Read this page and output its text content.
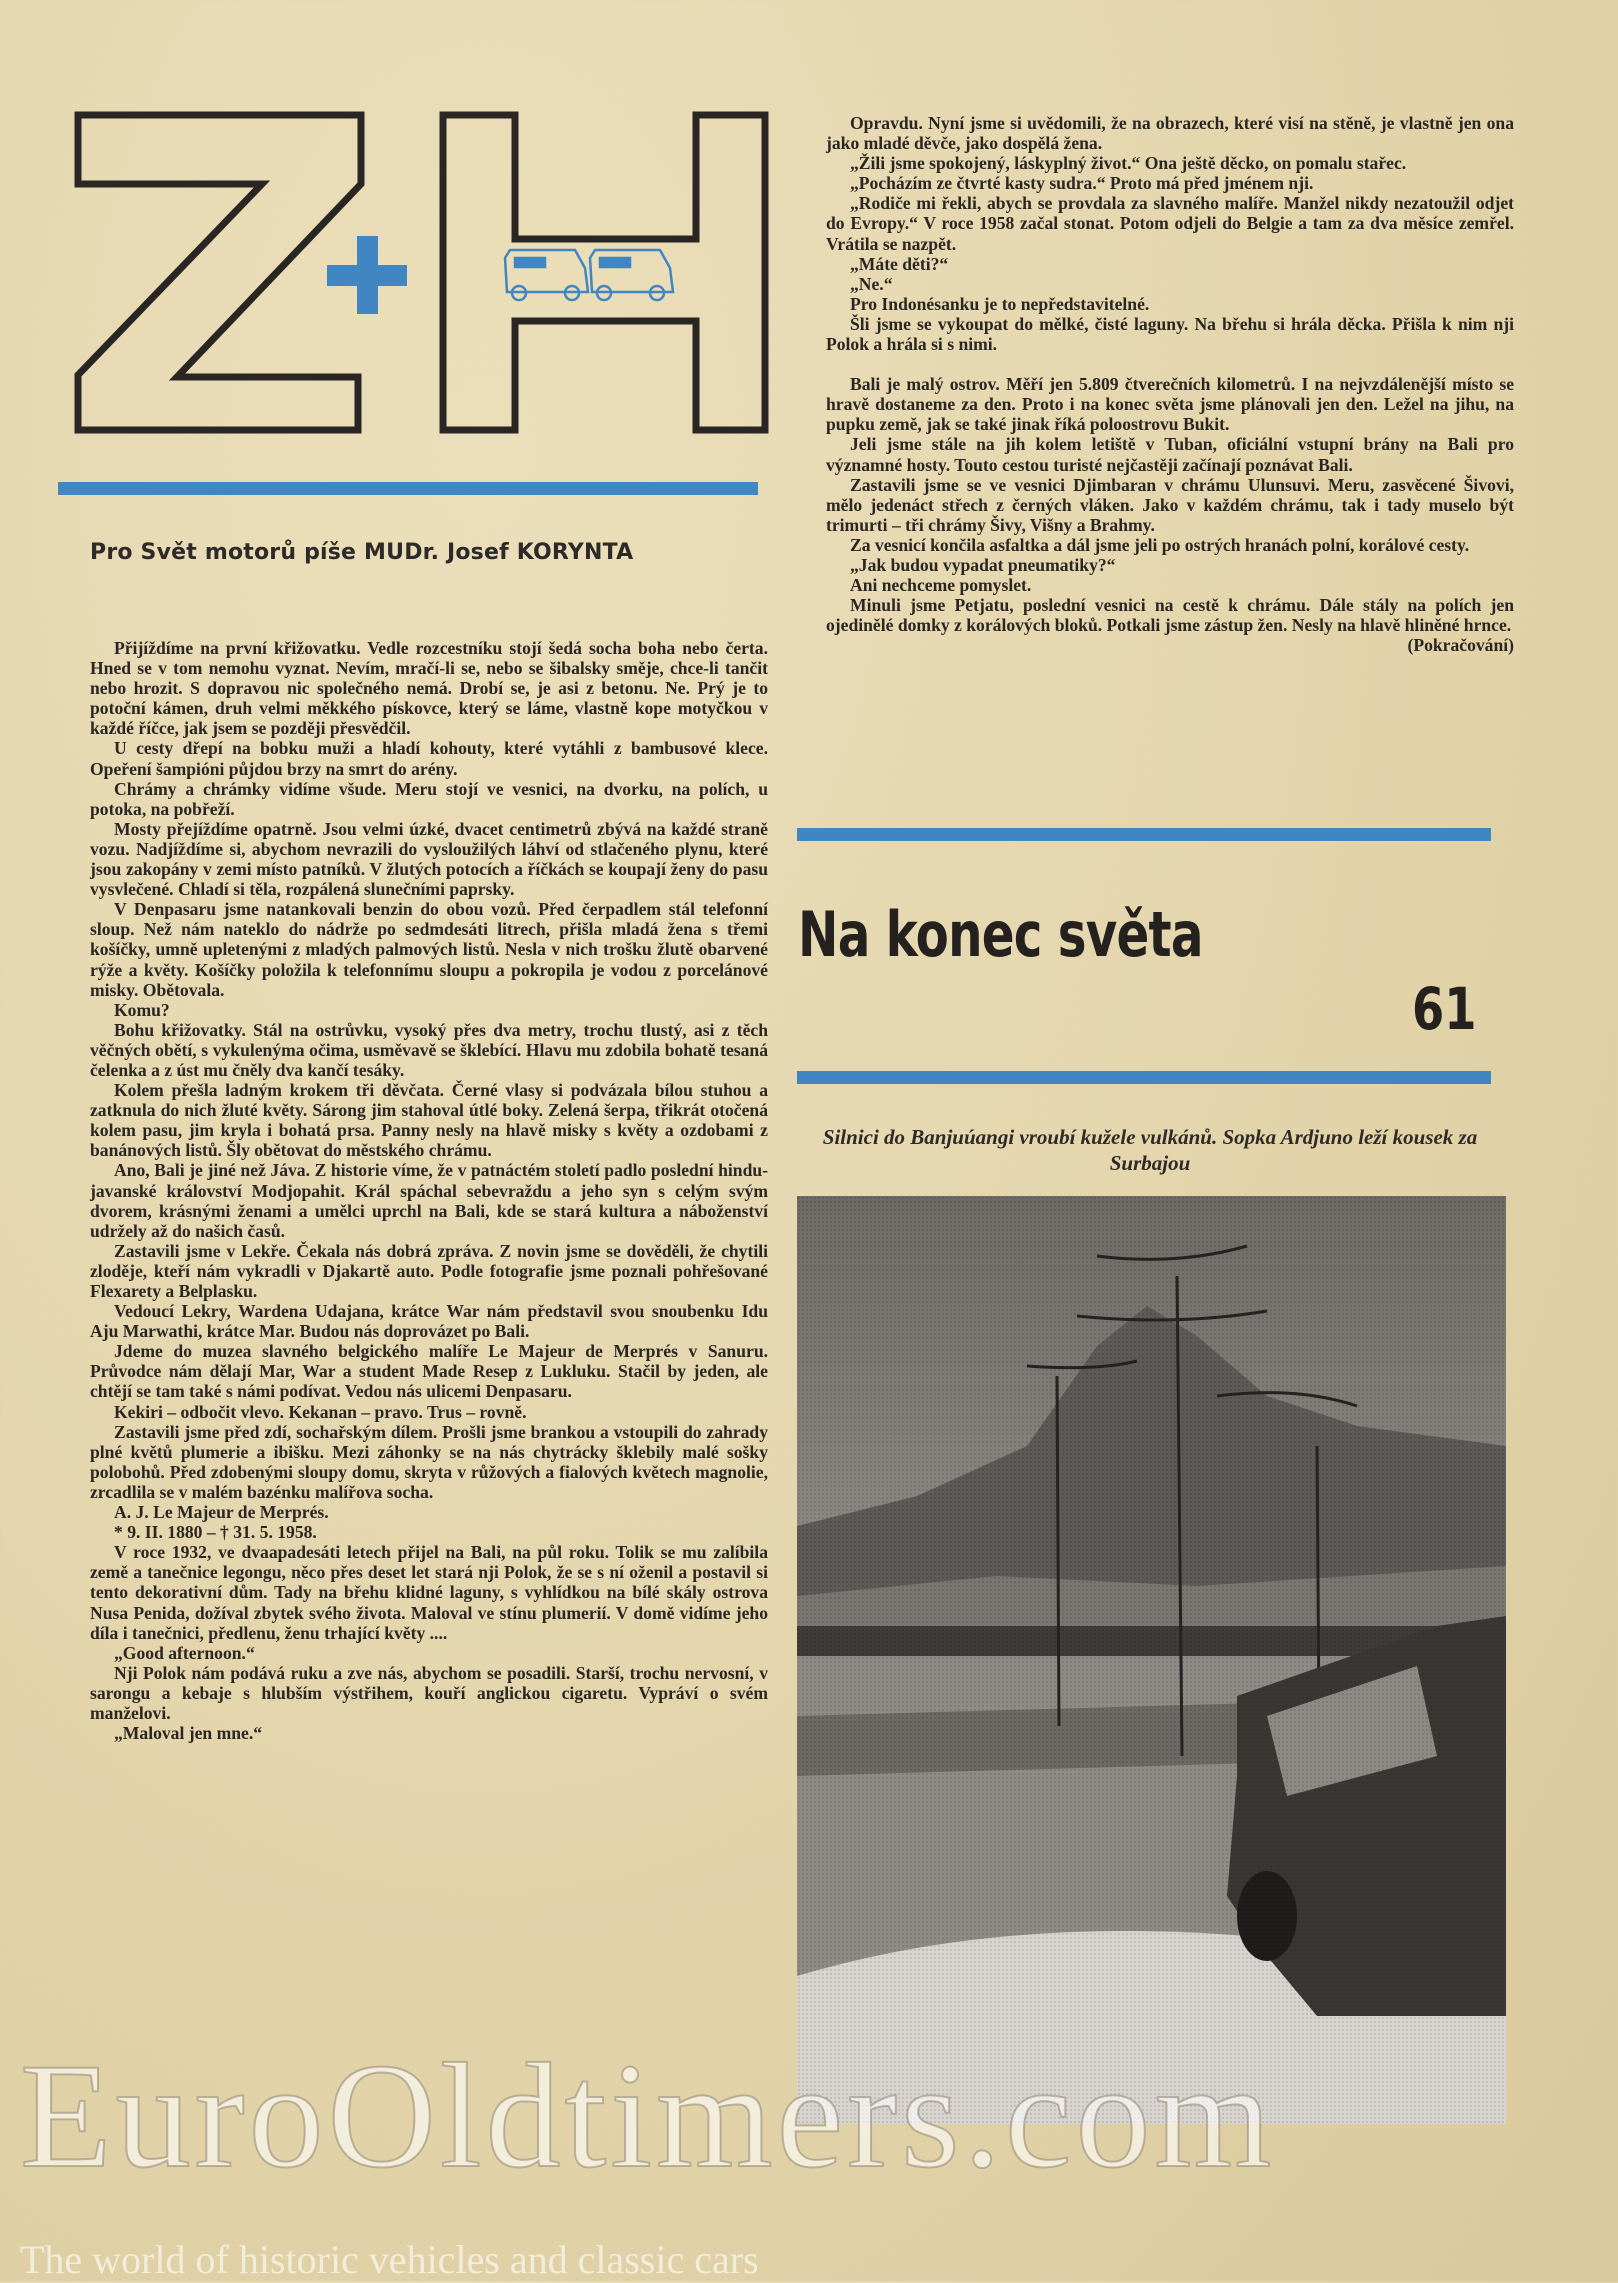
Pro Svět motorů píše MUDr. Josef KORYNTA

Přijíždíme na první křižovatku. Vedle rozcestníku stojí šedá socha boha nebo čerta. Hned se v tom nemohu vyznat. Nevím, mračí-li se, nebo se šibalsky směje, chce-li tančit nebo hrozit. S dopravou nic společného nemá. Drobí se, je asi z betonu. Ne. Prý je to potoční kámen, druh velmi měkkého pískovce, který se láme, vlastně kope motyčkou v každé říčce, jak jsem se později přesvědčil.

U cesty dřepí na bobku muži a hladí kohouty, které vytáhli z bambusové klece. Opeření šampióni půjdou brzy na smrt do arény.

Chrámy a chrámky vidíme všude. Meru stojí ve vesnici, na dvorku, na polích, u potoka, na pobřeží.

Mosty přejíždíme opatrně. Jsou velmi úzké, dvacet centimetrů zbývá na každé straně vozu. Nadjíždíme si, abychom nevrazili do vysloužilých láhví od stlačeného plynu, které jsou zakopány v zemi místo patníků. V žlutých potocích a říčkách se koupají ženy do pasu vysvlečené. Chladí si těla, rozpálená slunečními paprsky.

V Denpasaru jsme natankovali benzin do obou vozů. Před čerpadlem stál telefonní sloup. Než nám nateklo do nádrže po sedmdesáti litrech, přišla mladá žena s třemi košíčky, umně upletenými z mladých palmových listů. Nesla v nich trošku žlutě obarvené rýže a květy. Košíčky položila k telefonnímu sloupu a pokropila je vodou z porcelánové misky. Obětovala.

Komu?

Bohu křižovatky. Stál na ostrůvku, vysoký přes dva metry, trochu tlustý, asi z těch věčných obětí, s vykulenýma očima, usměvavě se šklebící. Hlavu mu zdobila bohatě tesaná čelenka a z úst mu čněly dva kančí tesáky.

Kolem přešla ladným krokem tři děvčata. Černé vlasy si podvázala bílou stuhou a zatknula do nich žluté květy. Sárong jim stahoval útlé boky. Zelená šerpa, třikrát otočená kolem pasu, jim kryla i bohatá prsa. Panny nesly na hlavě misky s květy a ozdobami z banánových listů. Šly obětovat do městského chrámu.

Ano, Bali je jiné než Jáva. Z historie víme, že v patnáctém století padlo poslední hindu-javanské království Modjopahit. Král spáchal sebevraždu a jeho syn s celým svým dvorem, krásnými ženami a umělci uprchl na Bali, kde se stará kultura a náboženství udržely až do našich časů.

Zastavili jsme v Lekře. Čekala nás dobrá zpráva. Z novin jsme se dověděli, že chytili zloděje, kteří nám vykradli v Djakartě auto. Podle fotografie jsme poznali pohřešované Flexarety a Belplasku.

Vedoucí Lekry, Wardena Udajana, krátce War nám představil svou snoubenku Idu Aju Marwathi, krátce Mar. Budou nás doprovázet po Bali.

Jdeme do muzea slavného belgického malíře Le Majeur de Merprés v Sanuru. Průvodce nám dělají Mar, War a student Made Resep z Lukluku. Stačil by jeden, ale chtějí se tam také s námi podívat. Vedou nás ulicemi Denpasaru.

Kekiri – odbočit vlevo. Kekanan – pravo. Trus – rovně.

Zastavili jsme před zdí, sochařským dílem. Prošli jsme brankou a vstoupili do zahrady plné květů plumerie a ibišku. Mezi záhonky se na nás chytrácky šklebily malé sošky polobohů. Před zdobenými sloupy domu, skryta v růžových a fialových květech magnolie, zrcadlila se v malém bazénku malířova socha.

A. J. Le Majeur de Merprés.

* 9. II. 1880 – † 31. 5. 1958.

V roce 1932, ve dvaapadesáti letech přijel na Bali, na půl roku. Tolik se mu zalíbila země a tanečnice legongu, něco přes deset let stará nji Polok, že se s ní oženil a postavil si tento dekorativní dům. Tady na břehu klidné laguny, s vyhlídkou na bílé skály ostrova Nusa Penida, dožíval zbytek svého života. Maloval ve stínu plumerií. V domě vidíme jeho díla i tanečnici, předlenu, ženu trhající květy ....

„Good afternoon.“

Nji Polok nám podává ruku a zve nás, abychom se posadili. Starší, trochu nervosní, v sarongu a kebaje s hlubším výstřihem, kouří anglickou cigaretu. Vypráví o svém manželovi.

„Maloval jen mne.“

Opravdu. Nyní jsme si uvědomili, že na obrazech, které visí na stěně, je vlastně jen ona jako mladé děvče, jako dospělá žena.

„Žili jsme spokojený, láskyplný život.“ Ona ještě děcko, on pomalu stařec.

„Pocházím ze čtvrté kasty sudra.“ Proto má před jménem nji.

„Rodiče mi řekli, abych se provdala za slavného malíře. Manžel nikdy nezatoužil odjet do Evropy.“ V roce 1958 začal stonat. Potom odjeli do Belgie a tam za dva měsíce zemřel. Vrátila se nazpět.

„Máte děti?“

„Ne.“

Pro Indonésanku je to nepředstavitelné.

Šli jsme se vykoupat do mělké, čisté laguny. Na břehu si hrála děcka. Přišla k nim nji Polok a hrála si s nimi.

Bali je malý ostrov. Měří jen 5.809 čtverečních kilometrů. I na nejvzdálenější místo se hravě dostaneme za den. Proto i na konec světa jsme plánovali jen den. Ležel na jihu, na pupku země, jak se také jinak říká poloostrovu Bukit.

Jeli jsme stále na jih kolem letiště v Tuban, oficiální vstupní brány na Bali pro významné hosty. Touto cestou turisté nejčastěji začínají poznávat Bali.

Zastavili jsme se ve vesnici Djimbaran v chrámu Ulunsuvi. Meru, zasvěcené Šivovi, mělo jedenáct střech z černých vláken. Jako v každém chrámu, tak i tady muselo být trimurti – tři chrámy Šivy, Višny a Brahmy.

Za vesnicí končila asfaltka a dál jsme jeli po ostrých hranách polní, korálové cesty.

„Jak budou vypadat pneumatiky?“

Ani nechceme pomyslet.

Minuli jsme Petjatu, poslední vesnici na cestě k chrámu. Dále stály na polích jen ojedinělé domky z korálových bloků. Potkali jsme zástup žen. Nesly na hlavě hliněné hrnce.

(Pokračování)

Na konec světa
61
Silnici do Banjuúangi vroubí kužele vulkánů. Sopka Ardjuno leží kousek za Surbajou
EuroOldtimers.com
The world of historic vehicles and classic cars
